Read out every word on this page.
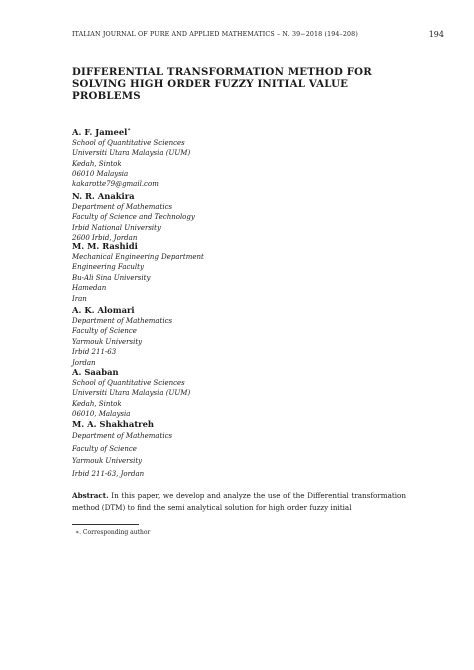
ITALIAN JOURNAL OF PURE AND APPLIED MATHEMATICS – N. 39−2018 (194–208)	194
DIFFERENTIAL TRANSFORMATION METHOD FOR
SOLVING HIGH ORDER FUZZY INITIAL VALUE
PROBLEMS
A. F. Jameel∗
School of Quantitative Sciences
Universiti Utara Malaysia (UUM)
Kedah, Sintok
06010 Malaysia
kakarotte79@gmail.com
N. R. Anakira
Department of Mathematics
Faculty of Science and Technology
Irbid National University
2600 Irbid, Jordan
M. M. Rashidi
Mechanical Engineering Department
Engineering Faculty
Bu-Ali Sina University
Hamedan
Iran
A. K. Alomari
Department of Mathematics
Faculty of Science
Yarmouk University
Irbid 211-63
Jordan
A. Saaban
School of Quantitative Sciences
Universiti Utara Malaysia (UUM)
Kedah, Sintok
06010, Malaysia
M. A. Shakhatreh
Department of Mathematics
Faculty of Science
Yarmouk University
Irbid 211-63, Jordan
Abstract. In this paper, we develop and analyze the use of the Differential transformation method (DTM) to find the semi analytical solution for high order fuzzy initial
∗. Corresponding author
